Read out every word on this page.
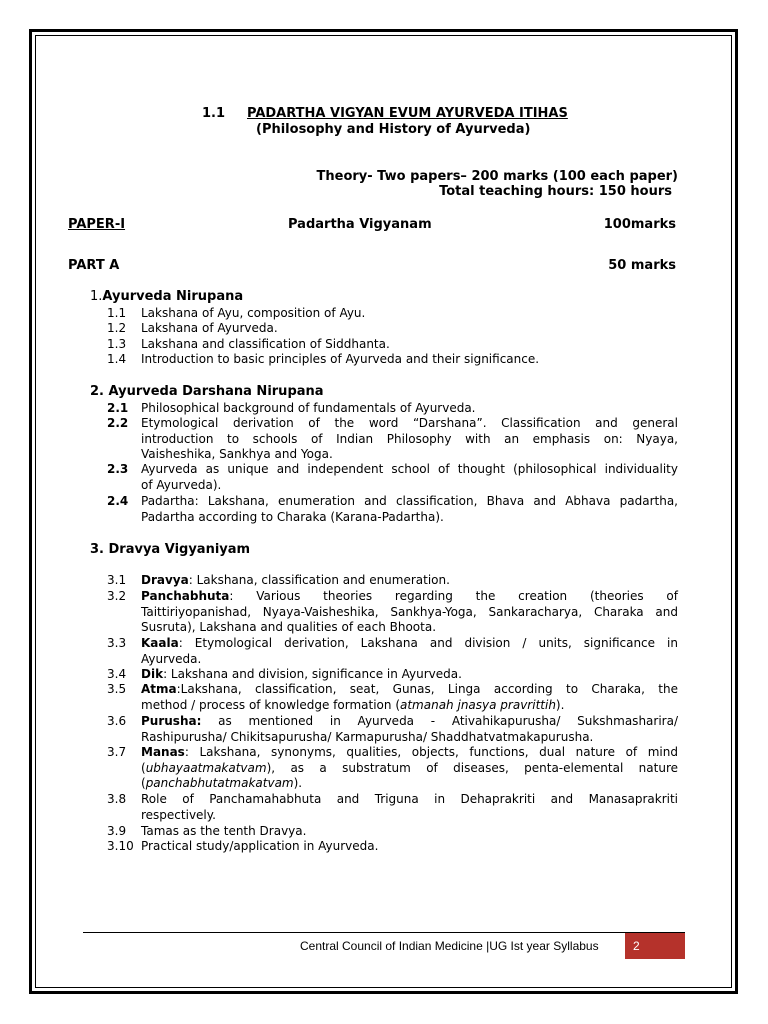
1.1 PADARTHA VIGYAN EVUM AYURVEDA ITIHAS
(Philosophy and History of Ayurveda)
Theory- Two papers– 200 marks (100 each paper)
Total teaching hours: 150 hours
PAPER-I	Padartha Vigyanam	100marks
PART A	50 marks
1.Ayurveda Nirupana
1.1	Lakshana of Ayu, composition of Ayu.
1.2	Lakshana of Ayurveda.
1.3	Lakshana and classification of Siddhanta.
1.4	Introduction to basic principles of Ayurveda and their significance.
2. Ayurveda Darshana Nirupana
2.1	Philosophical background of fundamentals of Ayurveda.
2.2	Etymological derivation of the word “Darshana”. Classification and general
introduction to schools of Indian Philosophy with an emphasis on: Nyaya,
Vaisheshika, Sankhya and Yoga.
2.3	Ayurveda as unique and independent school of thought (philosophical individuality
of Ayurveda).
2.4	Padartha: Lakshana, enumeration and classification, Bhava and Abhava padartha,
Padartha according to Charaka (Karana-Padartha).
3. Dravya Vigyaniyam
3.1	Dravya: Lakshana, classification and enumeration.
3.2	Panchabhuta: Various theories regarding the creation (theories of
Taittiriyopanishad, Nyaya-Vaisheshika, Sankhya-Yoga, Sankaracharya, Charaka and
Susruta), Lakshana and qualities of each Bhoota.
3.3	Kaala: Etymological derivation, Lakshana and division / units, significance in
Ayurveda.
3.4	Dik: Lakshana and division, significance in Ayurveda.
3.5	Atma:Lakshana, classification, seat, Gunas, Linga according to Charaka, the
method / process of knowledge formation (atmanah jnasya pravrittih).
3.6	Purusha: as mentioned in Ayurveda - Ativahikapurusha/ Sukshmasharira/
Rashipurusha/ Chikitsapurusha/ Karmapurusha/ Shaddhatvatmakapurusha.
3.7	Manas: Lakshana, synonyms, qualities, objects, functions, dual nature of mind
(ubhayaatmakatvam), as a substratum of diseases, penta-elemental nature
(panchabhutatmakatvam).
3.8	Role of Panchamahabhuta and Triguna in Dehaprakriti and Manasaprakriti
respectively.
3.9	Tamas as the tenth Dravya.
3.10 Practical study/application in Ayurveda.
Central Council of Indian Medicine |UG Ist year Syllabus	2
